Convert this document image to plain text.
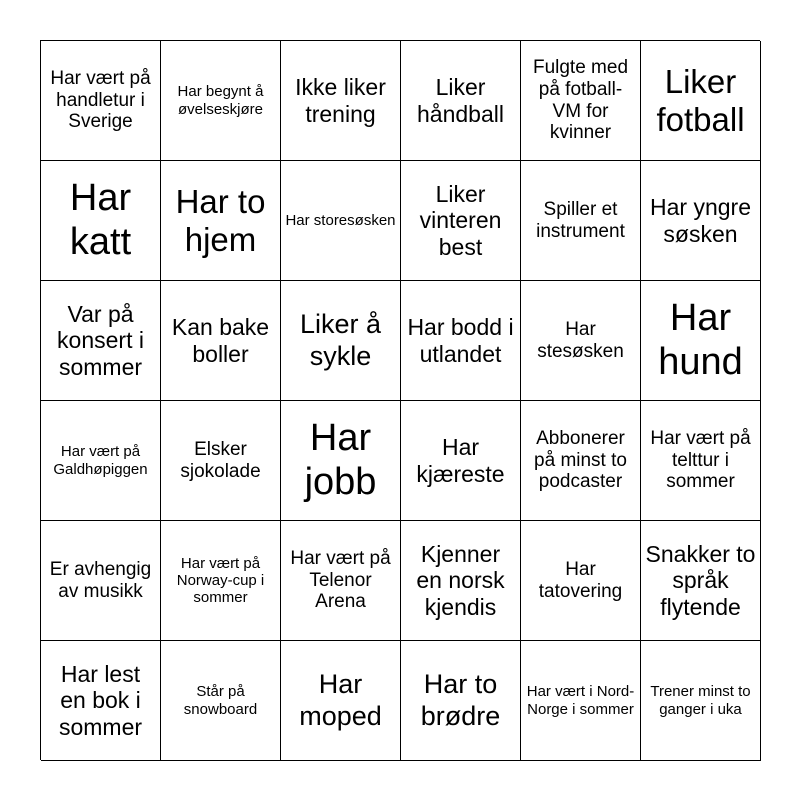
Har vært på handletur i Sverige
Har begynt å øvelseskjøre
Ikke liker trening
Liker håndball
Fulgte med på fotball-VM for kvinner
Liker fotball
Har katt
Har to hjem
Har storesøsken
Liker vinteren best
Spiller et instrument
Har yngre søsken
Var på konsert i sommer
Kan bake boller
Liker å sykle
Har bodd i utlandet
Har stesøsken
Har hund
Har vært på Galdhøpiggen
Elsker sjokolade
Har jobb
Har kjæreste
Abbonerer på minst to podcaster
Har vært på telttur i sommer
Er avhengig av musikk
Har vært på Norway-cup i sommer
Har vært på Telenor Arena
Kjenner en norsk kjendis
Har tatovering
Snakker to språk flytende
Har lest en bok i sommer
Står på snowboard
Har moped
Har to brødre
Har vært i Nord-Norge i sommer
Trener minst to ganger i uka
